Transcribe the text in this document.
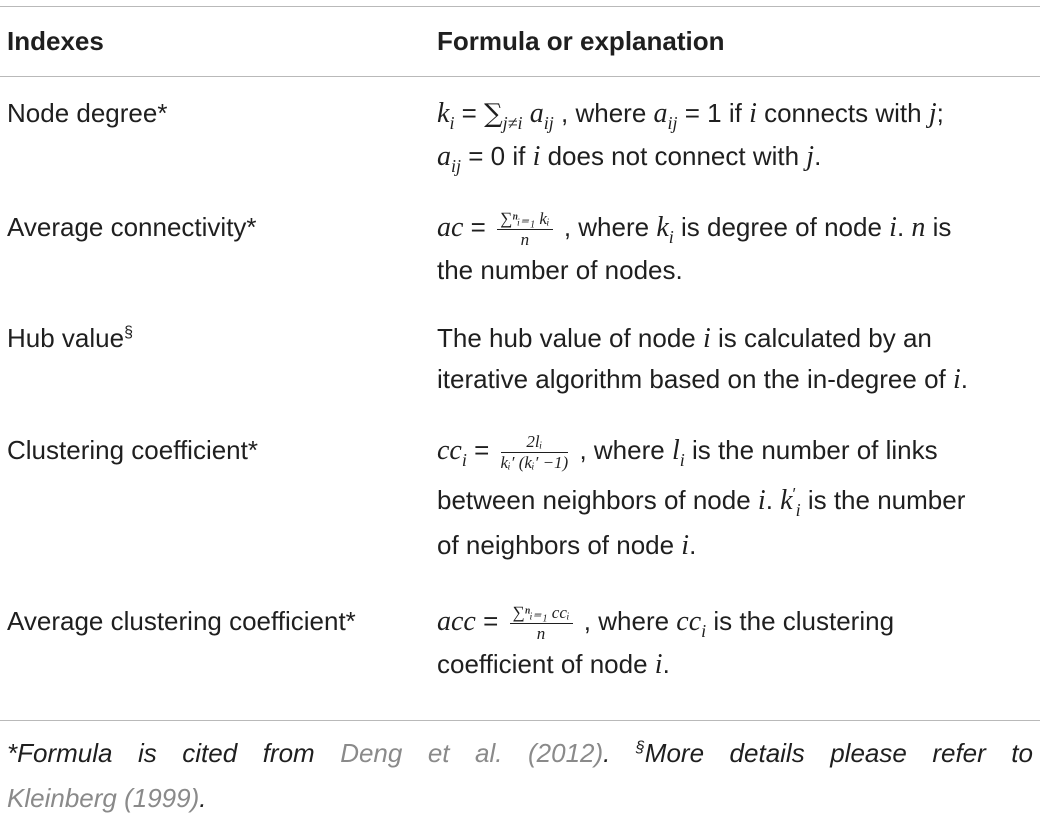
Indexes	Formula or explanation
Node degree*	$k_i = \sum_{j\ne i}$ $a_{ij}$ , where $a_{ij} = 1$ if i connects with j;
$a_{ij} = 0$ if i does not connect with j.
Average connectivity*	ac = $\frac{\text{∑ⁿᵢ₌₁ kᵢ}}{n}$ , where $k_i$ is degree of node i. n is
the number of nodes.
Hub value§	The hub value of node i is calculated by an
iterative algorithm based on the in-degree of i.
Clustering coefficient*	$cc_i = \frac{\text{2lᵢ}}{\text{kᵢ′ (kᵢ′ −1)}}$ , where $l_i$ is the number of links
between neighbors of node i. $k'_i$ is the number
of neighbors of node i.
Average clustering coefficient*	acc = $\frac{\text{∑ⁿᵢ₌₁ ccᵢ}}{n}$ , where $cc_i$ is the clustering
coefficient of node i.
*Formula is cited from Deng et al. (2012). §More details please refer to
Kleinberg (1999).
